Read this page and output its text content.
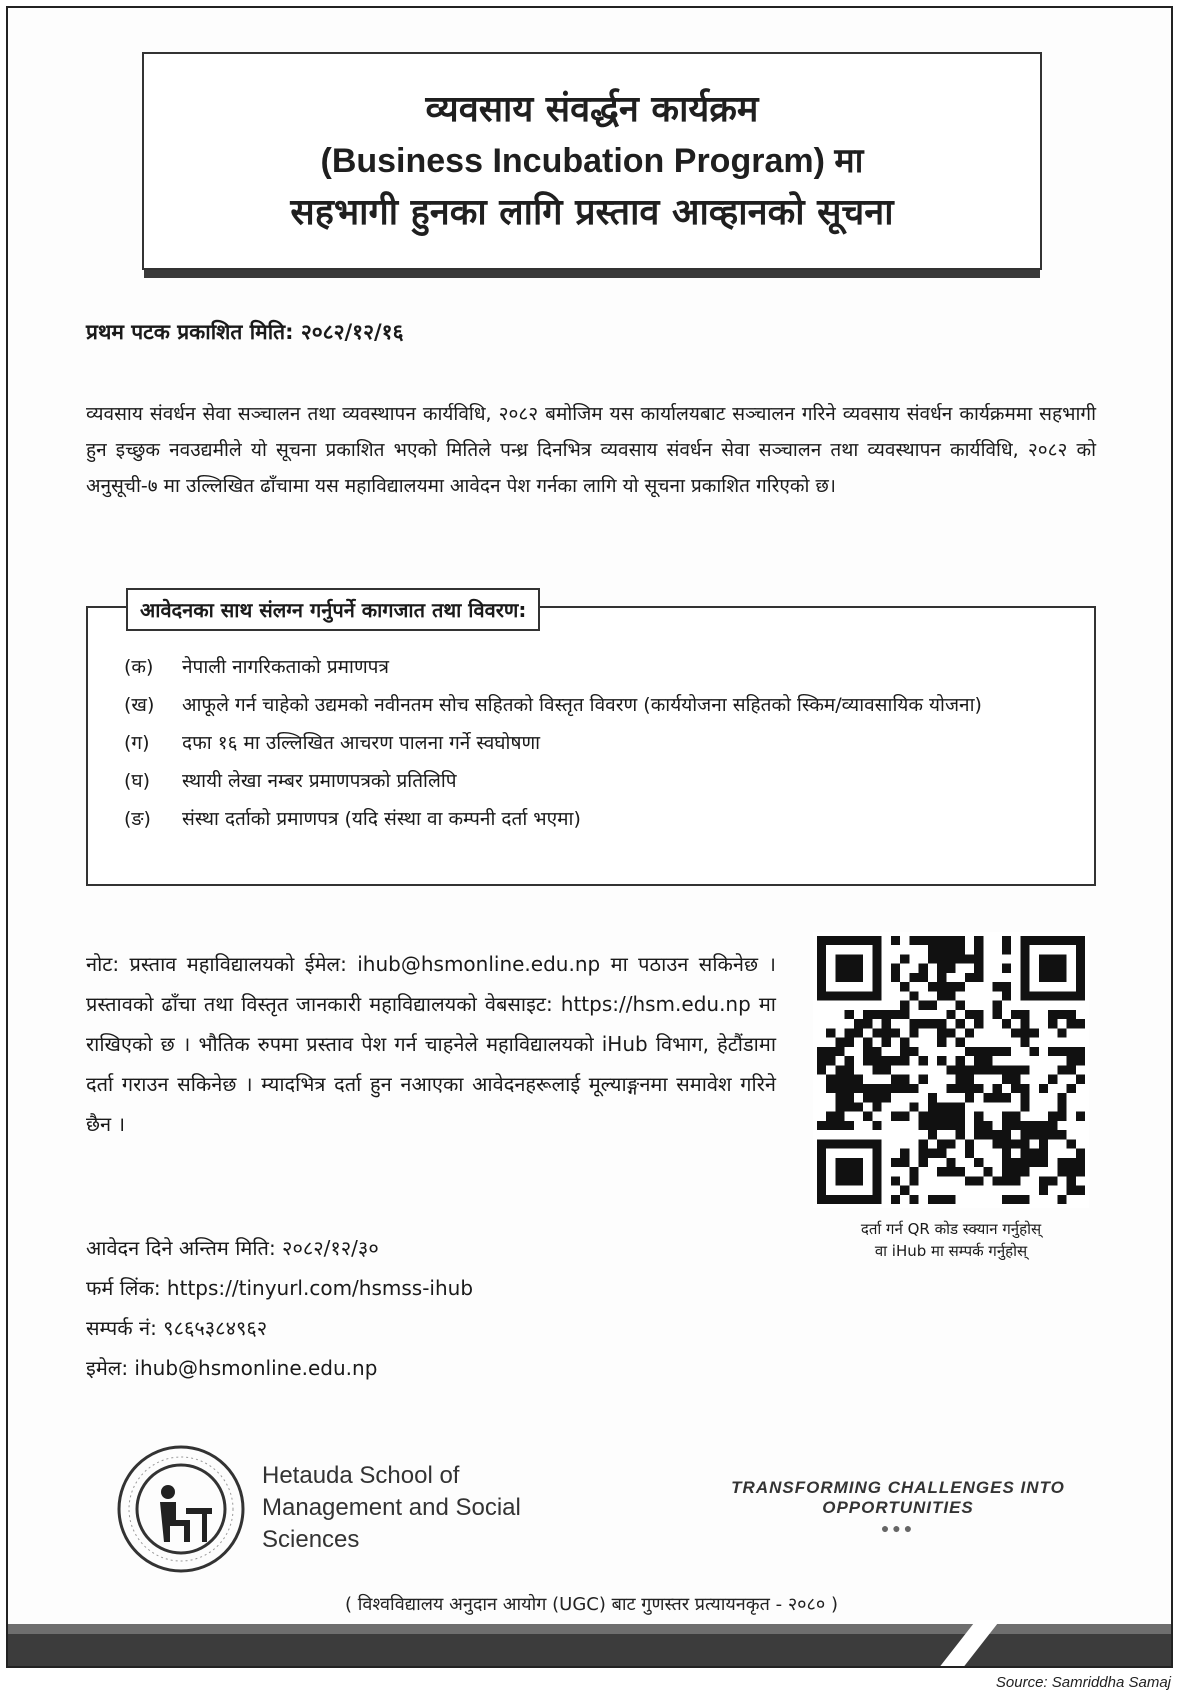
व्यवसाय संवर्द्धन कार्यक्रम
(Business Incubation Program) मा
सहभागी हुनका लागि प्रस्ताव आव्हानको सूचना
प्रथम पटक प्रकाशित मिति: २०८२/१२/१६

व्यवसाय संवर्धन सेवा सञ्चालन तथा व्यवस्थापन कार्यविधि, २०८२ बमोजिम यस कार्यालयबाट सञ्चालन गरिने व्यवसाय संवर्धन कार्यक्रममा सहभागी हुन इच्छुक नवउद्यमीले यो सूचना प्रकाशित भएको मितिले पन्ध्र दिनभित्र व्यवसाय संवर्धन सेवा सञ्चालन तथा व्यवस्थापन कार्यविधि, २०८२ को अनुसूची-७ मा उल्लिखित ढाँचामा यस महाविद्यालयमा आवेदन पेश गर्नका लागि यो सूचना प्रकाशित गरिएको छ।

आवेदनका साथ संलग्न गर्नुपर्ने कागजात तथा विवरण:
(क)	नेपाली नागरिकताको प्रमाणपत्र
(ख)	आफूले गर्न चाहेको उद्यमको नवीनतम सोच सहितको विस्तृत विवरण (कार्ययोजना सहितको स्किम/व्यावसायिक योजना)
(ग)	दफा १६ मा उल्लिखित आचरण पालना गर्ने स्वघोषणा
(घ)	स्थायी लेखा नम्बर प्रमाणपत्रको प्रतिलिपि
(ङ)	संस्था दर्ताको प्रमाणपत्र (यदि संस्था वा कम्पनी दर्ता भएमा)

नोट: प्रस्ताव महाविद्यालयको ईमेल: ihub@hsmonline.edu.np मा पठाउन सकिनेछ । प्रस्तावको ढाँचा तथा विस्तृत जानकारी महाविद्यालयको वेबसाइट: https://hsm.edu.np मा राखिएको छ । भौतिक रुपमा प्रस्ताव पेश गर्न चाहनेले महाविद्यालयको iHub विभाग, हेटौंडामा दर्ता गराउन सकिनेछ । म्यादभित्र दर्ता हुन नआएका आवेदनहरूलाई मूल्याङ्गनमा समावेश गरिने छैन ।

दर्ता गर्न QR कोड स्क्यान गर्नुहोस्
वा iHub मा सम्पर्क गर्नुहोस्
आवेदन दिने अन्तिम मिति: २०८२/१२/३०
फर्म लिंक: https://tinyurl.com/hsmss-ihub
सम्पर्क नं: ९८६५३८४९६२
इमेल: ihub@hsmonline.edu.np
Hetauda School of
Management and Social
Sciences
TRANSFORMING CHALLENGES INTO
OPPORTUNITIES
●●●
( विश्वविद्यालय अनुदान आयोग (UGC) बाट गुणस्तर प्रत्यायनकृत - २०८० )
Source: Samriddha Samaj
